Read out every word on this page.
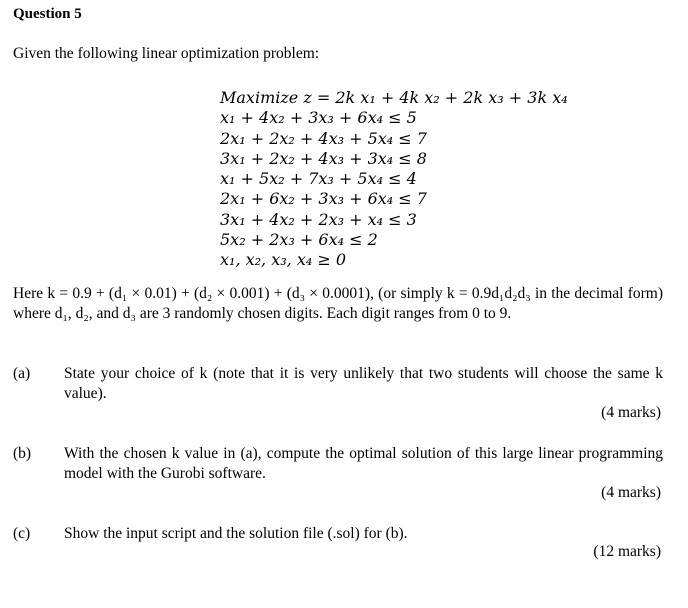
Question 5
Given the following linear optimization problem:
Maximize z = 2k x₁ + 4k x₂ + 2k x₃ + 3k x₄
x₁ + 4x₂ + 3x₃ + 6x₄ ≤ 5
2x₁ + 2x₂ + 4x₃ + 5x₄ ≤ 7
3x₁ + 2x₂ + 4x₃ + 3x₄ ≤ 8
x₁ + 5x₂ + 7x₃ + 5x₄ ≤ 4
2x₁ + 6x₂ + 3x₃ + 6x₄ ≤ 7
3x₁ + 4x₂ + 2x₃ + x₄ ≤ 3
5x₂ + 2x₃ + 6x₄ ≤ 2
x₁, x₂, x₃, x₄ ≥ 0
Here k = 0.9 + (d₁ × 0.01) + (d₂ × 0.001) + (d₃ × 0.0001), (or simply k = 0.9d₁d₂d₃ in the decimal form) where d₁, d₂, and d₃ are 3 randomly chosen digits. Each digit ranges from 0 to 9.
(a) State your choice of k (note that it is very unlikely that two students will choose the same k value).
(4 marks)
(b) With the chosen k value in (a), compute the optimal solution of this large linear programming model with the Gurobi software.
(4 marks)
(c) Show the input script and the solution file (.sol) for (b).
(12 marks)
